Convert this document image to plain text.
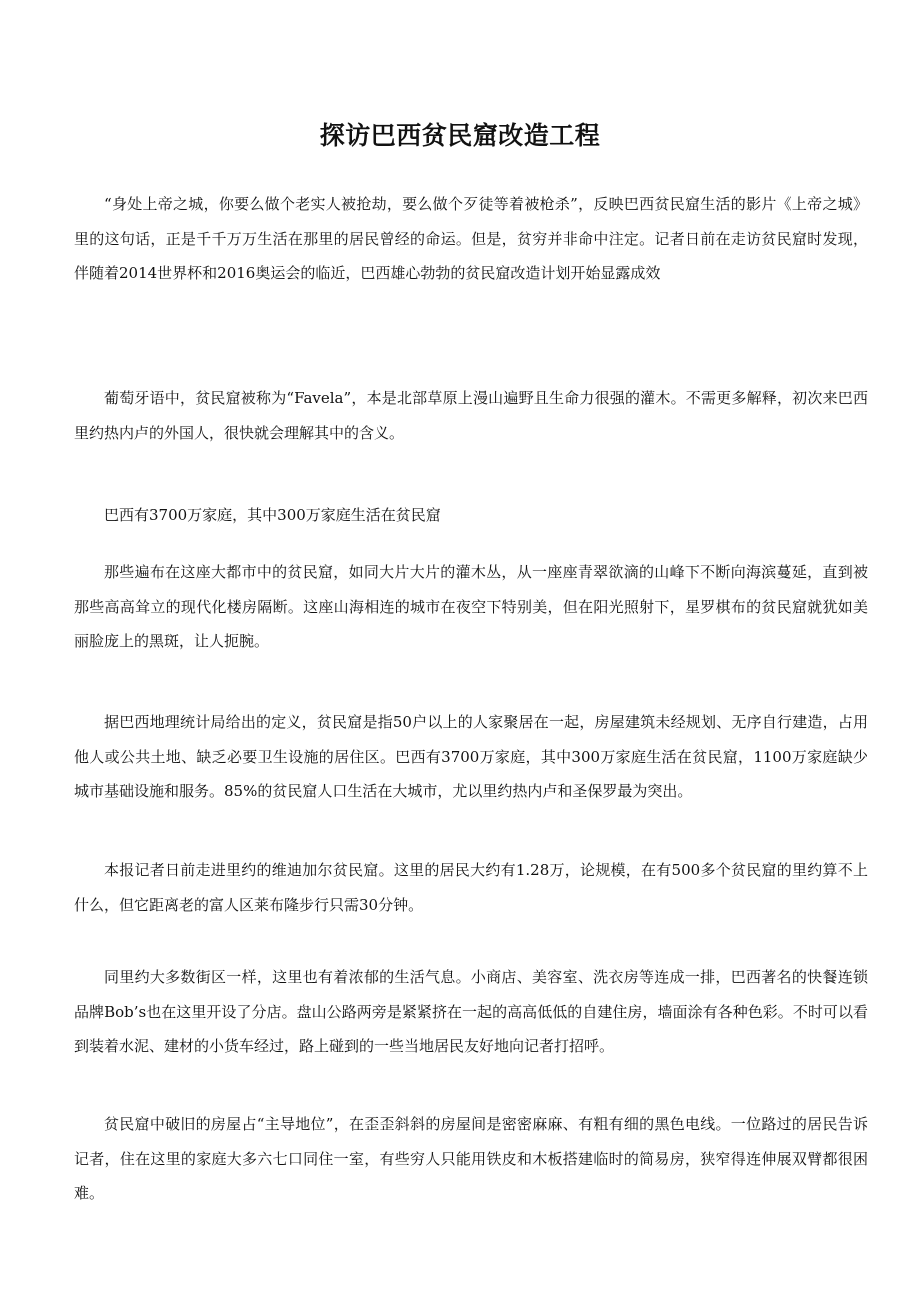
探访巴西贫民窟改造工程

“身处上帝之城，你要么做个老实人被抢劫，要么做个歹徒等着被枪杀”，反映巴西贫民窟生活的影片《上帝之城》里的这句话，正是千千万万生活在那里的居民曾经的命运。但是，贫穷并非命中注定。记者日前在走访贫民窟时发现，伴随着2014世界杯和2016奥运会的临近，巴西雄心勃勃的贫民窟改造计划开始显露成效

葡萄牙语中，贫民窟被称为“Favela”，本是北部草原上漫山遍野且生命力很强的灌木。不需更多解释，初次来巴西里约热内卢的外国人，很快就会理解其中的含义。

巴西有3700万家庭，其中300万家庭生活在贫民窟

那些遍布在这座大都市中的贫民窟，如同大片大片的灌木丛，从一座座青翠欲滴的山峰下不断向海滨蔓延，直到被那些高高耸立的现代化楼房隔断。这座山海相连的城市在夜空下特别美，但在阳光照射下，星罗棋布的贫民窟就犹如美丽脸庞上的黑斑，让人扼腕。

据巴西地理统计局给出的定义，贫民窟是指50户以上的人家聚居在一起，房屋建筑未经规划、无序自行建造，占用他人或公共土地、缺乏必要卫生设施的居住区。巴西有3700万家庭，其中300万家庭生活在贫民窟，1100万家庭缺少城市基础设施和服务。85%的贫民窟人口生活在大城市，尤以里约热内卢和圣保罗最为突出。

本报记者日前走进里约的维迪加尔贫民窟。这里的居民大约有1.28万，论规模，在有500多个贫民窟的里约算不上什么，但它距离老的富人区莱布隆步行只需30分钟。

同里约大多数街区一样，这里也有着浓郁的生活气息。小商店、美容室、洗衣房等连成一排，巴西著名的快餐连锁品牌Bob’s也在这里开设了分店。盘山公路两旁是紧紧挤在一起的高高低低的自建住房，墙面涂有各种色彩。不时可以看到装着水泥、建材的小货车经过，路上碰到的一些当地居民友好地向记者打招呼。

贫民窟中破旧的房屋占“主导地位”，在歪歪斜斜的房屋间是密密麻麻、有粗有细的黑色电线。一位路过的居民告诉记者，住在这里的家庭大多六七口同住一室，有些穷人只能用铁皮和木板搭建临时的简易房，狭窄得连伸展双臂都很困难。
